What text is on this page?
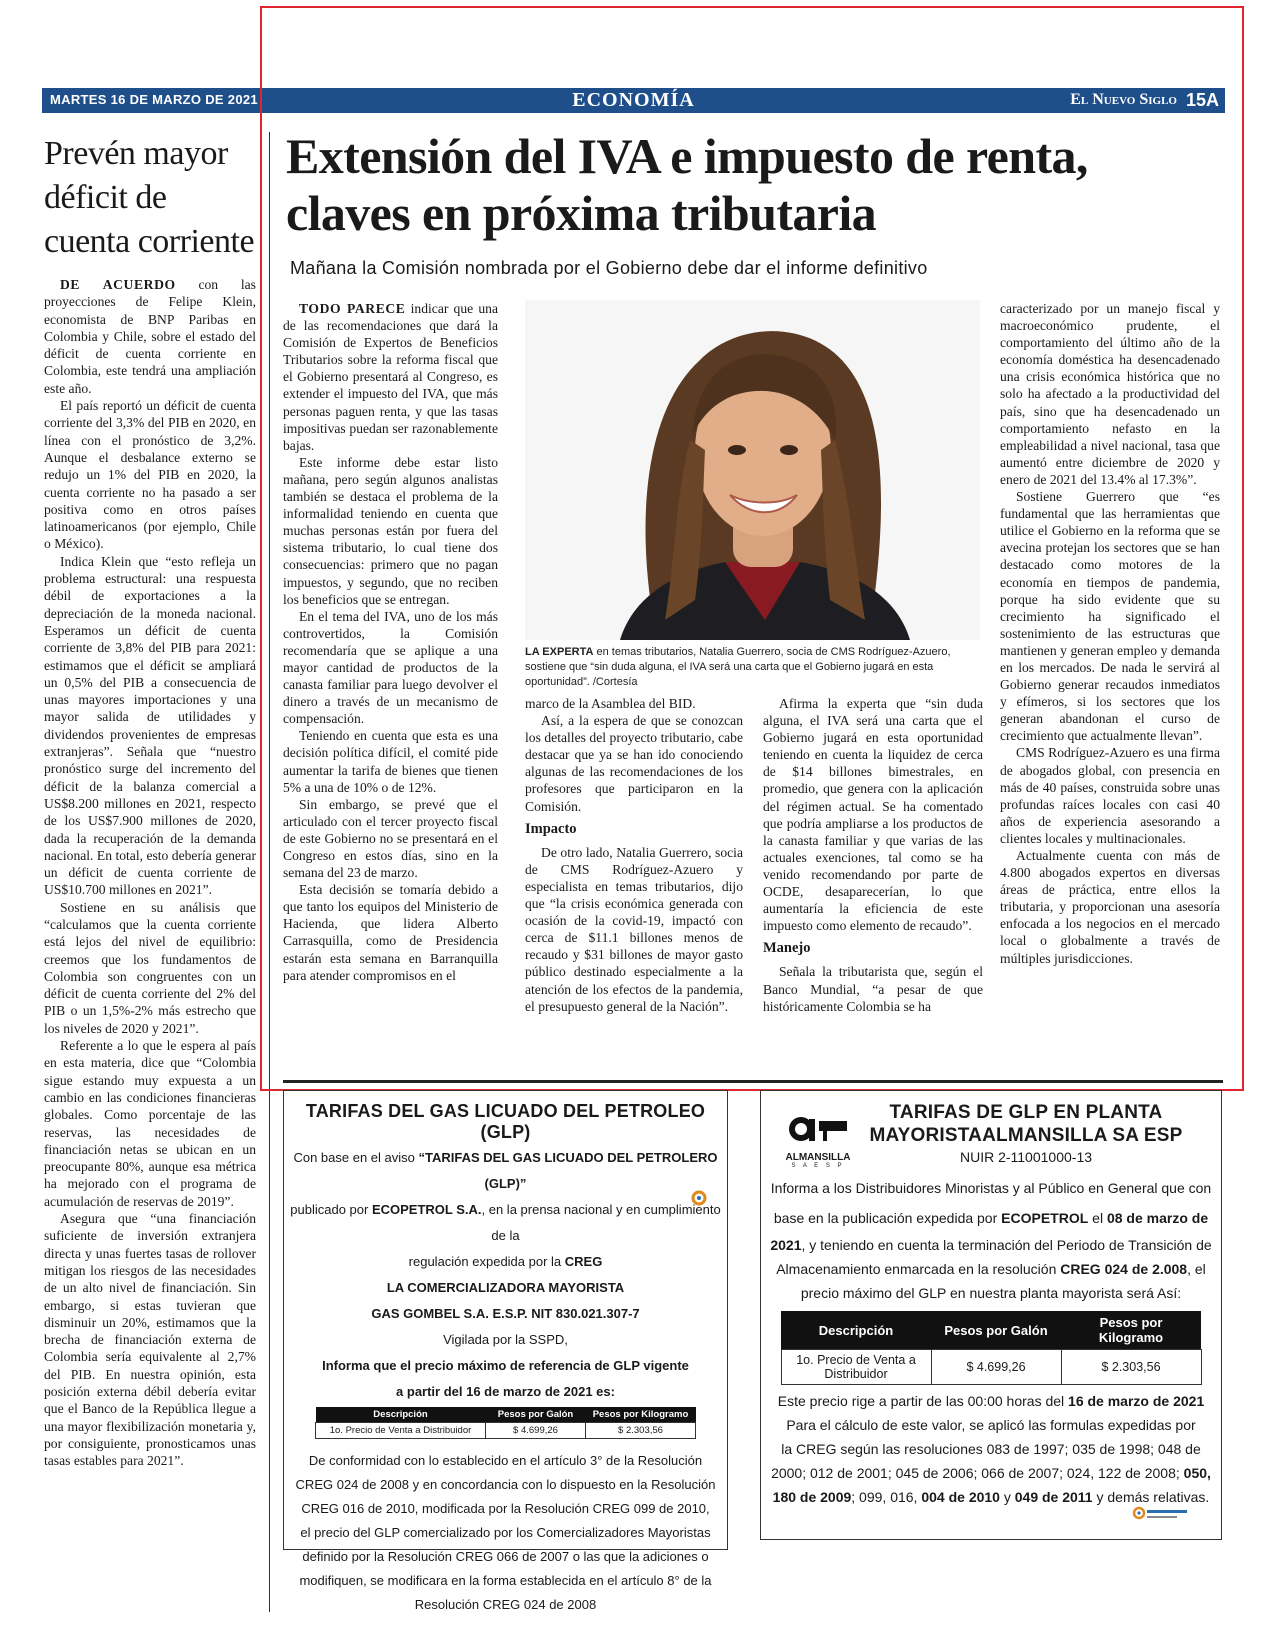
MARTES 16 DE MARZO DE 2021	ECONOMÍA	El Nuevo Siglo 15A
Prevén mayor déficit de cuenta corriente

DE ACUERDO con las proyecciones de Felipe Klein, economista de BNP Paribas en Colombia y Chile, sobre el estado del déficit de cuenta corriente en Colombia, este tendrá una ampliación este año.

El país reportó un déficit de cuenta corriente del 3,3% del PIB en 2020, en línea con el pronóstico de 3,2%. Aunque el desbalance externo se redujo un 1% del PIB en 2020, la cuenta corriente no ha pasado a ser positiva como en otros países latinoamericanos (por ejemplo, Chile o México).

Indica Klein que “esto refleja un problema estructural: una respuesta débil de exportaciones a la depreciación de la moneda nacional. Esperamos un déficit de cuenta corriente de 3,8% del PIB para 2021: estimamos que el déficit se ampliará un 0,5% del PIB a consecuencia de unas mayores importaciones y una mayor salida de utilidades y dividendos provenientes de empresas extranjeras”. Señala que “nuestro pronóstico surge del incremento del déficit de la balanza comercial a US$8.200 millones en 2021, respecto de los US$7.900 millones de 2020, dada la recuperación de la demanda nacional. En total, esto debería generar un déficit de cuenta corriente de US$10.700 millones en 2021”.

Sostiene en su análisis que “calculamos que la cuenta corriente está lejos del nivel de equilibrio: creemos que los fundamentos de Colombia son congruentes con un déficit de cuenta corriente del 2% del PIB o un 1,5%-2% más estrecho que los niveles de 2020 y 2021”.

Referente a lo que le espera al país en esta materia, dice que “Colombia sigue estando muy expuesta a un cambio en las condiciones financieras globales. Como porcentaje de las reservas, las necesidades de financiación netas se ubican en un preocupante 80%, aunque esa métrica ha mejorado con el programa de acumulación de reservas de 2019”.

Asegura que “una financiación suficiente de inversión extranjera directa y unas fuertes tasas de rollover mitigan los riesgos de las necesidades de un alto nivel de financiación. Sin embargo, si estas tuvieran que disminuir un 20%, estimamos que la brecha de financiación externa de Colombia sería equivalente al 2,7% del PIB. En nuestra opinión, esta posición externa débil debería evitar que el Banco de la República llegue a una mayor flexibilización monetaria y, por consiguiente, pronosticamos unas tasas estables para 2021”.

Extensión del IVA e impuesto de renta, claves en próxima tributaria
Mañana la Comisión nombrada por el Gobierno debe dar el informe definitivo

TODO PARECE indicar que una de las recomendaciones que dará la Comisión de Expertos de Beneficios Tributarios sobre la reforma fiscal que el Gobierno presentará al Congreso, es extender el impuesto del IVA, que más personas paguen renta, y que las tasas impositivas puedan ser razonablemente bajas.

Este informe debe estar listo mañana, pero según algunos analistas también se destaca el problema de la informalidad teniendo en cuenta que muchas personas están por fuera del sistema tributario, lo cual tiene dos consecuencias: primero que no pagan impuestos, y segundo, que no reciben los beneficios que se entregan.

En el tema del IVA, uno de los más controvertidos, la Comisión recomendaría que se aplique a una mayor cantidad de productos de la canasta familiar para luego devolver el dinero a través de un mecanismo de compensación.

Teniendo en cuenta que esta es una decisión política difícil, el comité pide aumentar la tarifa de bienes que tienen 5% a una de 10% o de 12%.

Sin embargo, se prevé que el articulado con el tercer proyecto fiscal de este Gobierno no se presentará en el Congreso en estos días, sino en la semana del 23 de marzo.

Esta decisión se tomaría debido a que tanto los equipos del Ministerio de Hacienda, que lidera Alberto Carrasquilla, como de Presidencia estarán esta semana en Barranquilla para atender compromisos en el

LA EXPERTA en temas tributarios, Natalia Guerrero, socia de CMS Rodríguez-Azuero, sostiene que “sin duda alguna, el IVA será una carta que el Gobierno jugará en esta oportunidad”. /Cortesía

marco de la Asamblea del BID.

Así, a la espera de que se conozcan los detalles del proyecto tributario, cabe destacar que ya se han ido conociendo algunas de las recomendaciones de los profesores que participaron en la Comisión.

Impacto

De otro lado, Natalia Guerrero, socia de CMS Rodríguez-Azuero y especialista en temas tributarios, dijo que “la crisis económica generada con ocasión de la covid-19, impactó con cerca de $11.1 billones menos de recaudo y $31 billones de mayor gasto público destinado especialmente a la atención de los efectos de la pandemia, el presupuesto general de la Nación”.

Afirma la experta que “sin duda alguna, el IVA será una carta que el Gobierno jugará en esta oportunidad teniendo en cuenta la liquidez de cerca de $14 billones bimestrales, en promedio, que genera con la aplicación del régimen actual. Se ha comentado que podría ampliarse a los productos de la canasta familiar y que varias de las actuales exenciones, tal como se ha venido recomendando por parte de OCDE, desaparecerían, lo que aumentaría la eficiencia de este impuesto como elemento de recaudo”.

Manejo

Señala la tributarista que, según el Banco Mundial, “a pesar de que históricamente Colombia se ha

caracterizado por un manejo fiscal y macroeconómico prudente, el comportamiento del último año de la economía doméstica ha desencadenado una crisis económica histórica que no solo ha afectado a la productividad del país, sino que ha desencadenado un comportamiento nefasto en la empleabilidad a nivel nacional, tasa que aumentó entre diciembre de 2020 y enero de 2021 del 13.4% al 17.3%”.

Sostiene Guerrero que “es fundamental que las herramientas que utilice el Gobierno en la reforma que se avecina protejan los sectores que se han destacado como motores de la economía en tiempos de pandemia, porque ha sido evidente que su crecimiento ha significado el sostenimiento de las estructuras que mantienen y generan empleo y demanda en los mercados. De nada le servirá al Gobierno generar recaudos inmediatos y efímeros, si los sectores que los generan abandonan el curso de crecimiento que actualmente llevan”.

CMS Rodríguez-Azuero es una firma de abogados global, con presencia en más de 40 países, construida sobre unas profundas raíces locales con casi 40 años de experiencia asesorando a clientes locales y multinacionales.

Actualmente cuenta con más de 4.800 abogados expertos en diversas áreas de práctica, entre ellos la tributaria, y proporcionan una asesoría enfocada a los negocios en el mercado local o globalmente a través de múltiples jurisdicciones.

TARIFAS DEL GAS LICUADO DEL PETROLEO (GLP)
Con base en el aviso “TARIFAS DEL GAS LICUADO DEL PETROLERO (GLP)”
publicado por ECOPETROL S.A., en la prensa nacional y en cumplimiento de la
regulación expedida por la CREG
LA COMERCIALIZADORA MAYORISTA
GAS GOMBEL S.A. E.S.P. NIT 830.021.307-7
Vigilada por la SSPD,
Informa que el precio máximo de referencia de GLP vigente
a partir del 16 de marzo de 2021 es:
Descripción	Pesos por Galón	Pesos por Kilogramo
1o. Precio de Venta a Distribuidor	$ 4.699,26	$ 2.303,56
De conformidad con lo establecido en el artículo 3° de la Resolución
CREG 024 de 2008 y en concordancia con lo dispuesto en la Resolución
CREG 016 de 2010, modificada por la Resolución CREG 099 de 2010,
el precio del GLP comercializado por los Comercializadores Mayoristas
definido por la Resolución CREG 066 de 2007 o las que la adiciones o
modifiquen, se modificara en la forma establecida en el artículo 8° de la
Resolución CREG 024 de 2008
ALMANSILLA
S A E S P
TARIFAS DE GLP EN PLANTA
MAYORISTAALMANSILLA SA ESP
NUIR 2-11001000-13
Informa a los Distribuidores Minoristas y al Público en General que con
base en la publicación expedida por ECOPETROL el 08 de marzo de
2021, y teniendo en cuenta la terminación del Periodo de Transición de
Almacenamiento enmarcada en la resolución CREG 024 de 2.008, el
precio máximo del GLP en nuestra planta mayorista será Así:
Descripción	Pesos por Galón	Pesos por Kilogramo
1o. Precio de Venta a Distribuidor	$ 4.699,26	$ 2.303,56
Este precio rige a partir de las 00:00 horas del 16 de marzo de 2021
Para el cálculo de este valor, se aplicó las formulas expedidas por
la CREG según las resoluciones 083 de 1997; 035 de 1998; 048 de
2000; 012 de 2001; 045 de 2006; 066 de 2007; 024, 122 de 2008; 050,
180 de 2009; 099, 016, 004 de 2010 y 049 de 2011 y demás relativas.
